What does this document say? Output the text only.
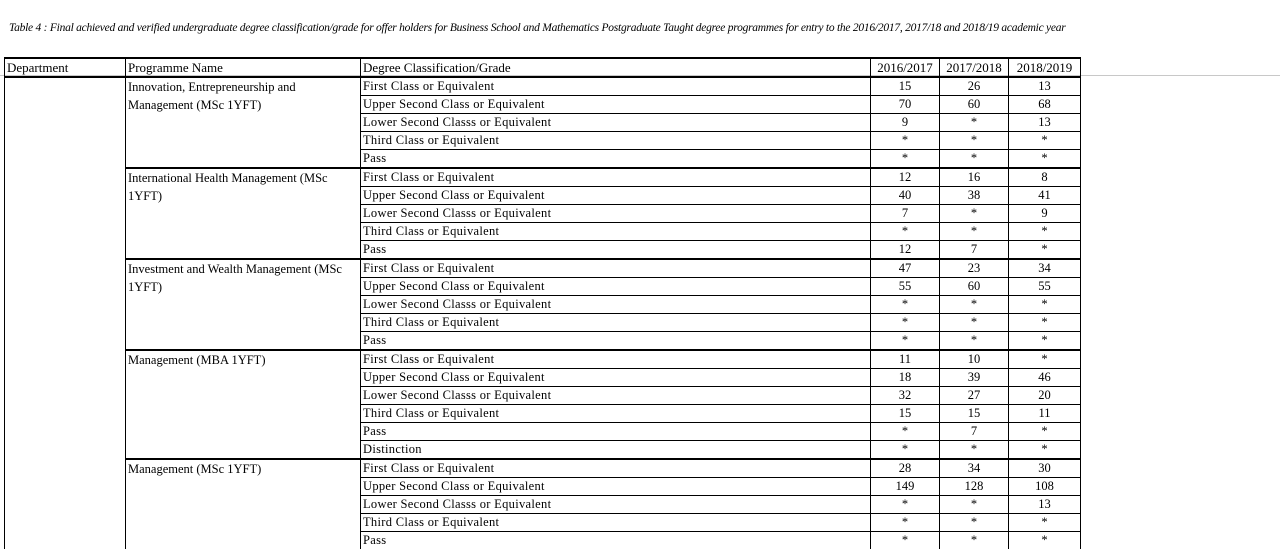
Table 4 : Final achieved and verified undergraduate degree classification/grade for offer holders for Business School and Mathematics Postgraduate Taught degree programmes for entry to the 2016/2017, 2017/18 and 2018/19 academic year
Department	Programme Name	Degree Classification/Grade	2016/2017	2017/2018	2018/2019
	Innovation, Entrepreneurship and Management (MSc 1YFT)	First Class or Equivalent	15	26	13
		Upper Second Class or Equivalent	70	60	68
		Lower Second Classs or Equivalent	9	*	13
		Third Class or Equivalent	*	*	*
		Pass	*	*	*
	International Health Management (MSc 1YFT)	First Class or Equivalent	12	16	8
		Upper Second Class or Equivalent	40	38	41
		Lower Second Classs or Equivalent	7	*	9
		Third Class or Equivalent	*	*	*
		Pass	12	7	*
	Investment and Wealth Management (MSc 1YFT)	First Class or Equivalent	47	23	34
		Upper Second Class or Equivalent	55	60	55
		Lower Second Classs or Equivalent	*	*	*
		Third Class or Equivalent	*	*	*
		Pass	*	*	*
	Management (MBA 1YFT)	First Class or Equivalent	11	10	*
		Upper Second Class or Equivalent	18	39	46
		Lower Second Classs or Equivalent	32	27	20
		Third Class or Equivalent	15	15	11
		Pass	*	7	*
		Distinction	*	*	*
	Management (MSc 1YFT)	First Class or Equivalent	28	34	30
		Upper Second Class or Equivalent	149	128	108
		Lower Second Classs or Equivalent	*	*	13
		Third Class or Equivalent	*	*	*
		Pass	*	*	*
